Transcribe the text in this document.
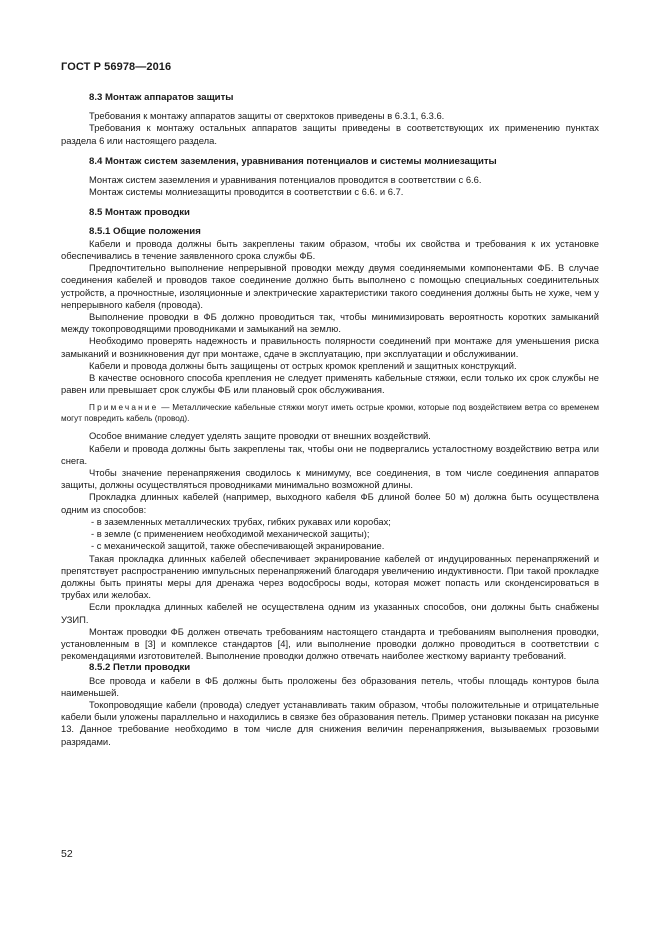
ГОСТ Р 56978—2016
8.3 Монтаж аппаратов защиты

Требования к монтажу аппаратов защиты от сверхтоков приведены в 6.3.1, 6.3.6.

Требования к монтажу остальных аппаратов защиты приведены в соответствующих их применению пунктах раздела 6 или настоящего раздела.

8.4 Монтаж систем заземления, уравнивания потенциалов и системы молниезащиты

Монтаж систем заземления и уравнивания потенциалов проводится в соответствии с 6.6.

Монтаж системы молниезащиты проводится в соответствии с 6.6. и 6.7.

8.5 Монтаж проводки
8.5.1 Общие положения

Кабели и провода должны быть закреплены таким образом, чтобы их свойства и требования к их установке обеспечивались в течение заявленного срока службы ФБ.

Предпочтительно выполнение непрерывной проводки между двумя соединяемыми компонентами ФБ. В случае соединения кабелей и проводов такое соединение должно быть выполнено с помощью специальных соединительных устройств, а прочностные, изоляционные и электрические характеристики такого соединения должны быть не хуже, чем у непрерывного кабеля (провода).

Выполнение проводки в ФБ должно проводиться так, чтобы минимизировать вероятность коротких замыканий между токопроводящими проводниками и замыканий на землю.

Необходимо проверять надежность и правильность полярности соединений при монтаже для уменьшения риска замыканий и возникновения дуг при монтаже, сдаче в эксплуатацию, при эксплуатации и обслуживании.

Кабели и провода должны быть защищены от острых кромок креплений и защитных конструкций.

В качестве основного способа крепления не следует применять кабельные стяжки, если только их срок службы не равен или превышает срок службы ФБ или плановый срок обслуживания.

Примечание — Металлические кабельные стяжки могут иметь острые кромки, которые под воздействием ветра со временем могут повредить кабель (провод).

Особое внимание следует уделять защите проводки от внешних воздействий.

Кабели и провода должны быть закреплены так, чтобы они не подвергались усталостному воздействию ветра или снега.

Чтобы значение перенапряжения сводилось к минимуму, все соединения, в том числе соединения аппаратов защиты, должны осуществляться проводниками минимально возможной длины.

Прокладка длинных кабелей (например, выходного кабеля ФБ длиной более 50 м) должна быть осуществлена одним из способов:

- в заземленных металлических трубах, гибких рукавах или коробах;
- в земле (с применением необходимой механической защиты);
- с механической защитой, также обеспечивающей экранирование.

Такая прокладка длинных кабелей обеспечивает экранирование кабелей от индуцированных перенапряжений и препятствует распространению импульсных перенапряжений благодаря увеличению индуктивности. При такой прокладке должны быть приняты меры для дренажа через водосбросы воды, которая может попасть или сконденсироваться в трубах или желобах.

Если прокладка длинных кабелей не осуществлена одним из указанных способов, они должны быть снабжены УЗИП.

Монтаж проводки ФБ должен отвечать требованиям настоящего стандарта и требованиям выполнения проводки, установленным в [3] и комплексе стандартов [4], или выполнение проводки должно проводиться в соответствии с рекомендациями изготовителей. Выполнение проводки должно отвечать наиболее жесткому варианту требований.

8.5.2 Петли проводки

Все провода и кабели в ФБ должны быть проложены без образования петель, чтобы площадь контуров была наименьшей.

Токопроводящие кабели (провода) следует устанавливать таким образом, чтобы положительные и отрицательные кабели были уложены параллельно и находились в связке без образования петель. Пример установки показан на рисунке 13. Данное требование необходимо в том числе для снижения величин перенапряжения, вызываемых грозовыми разрядами.

52
